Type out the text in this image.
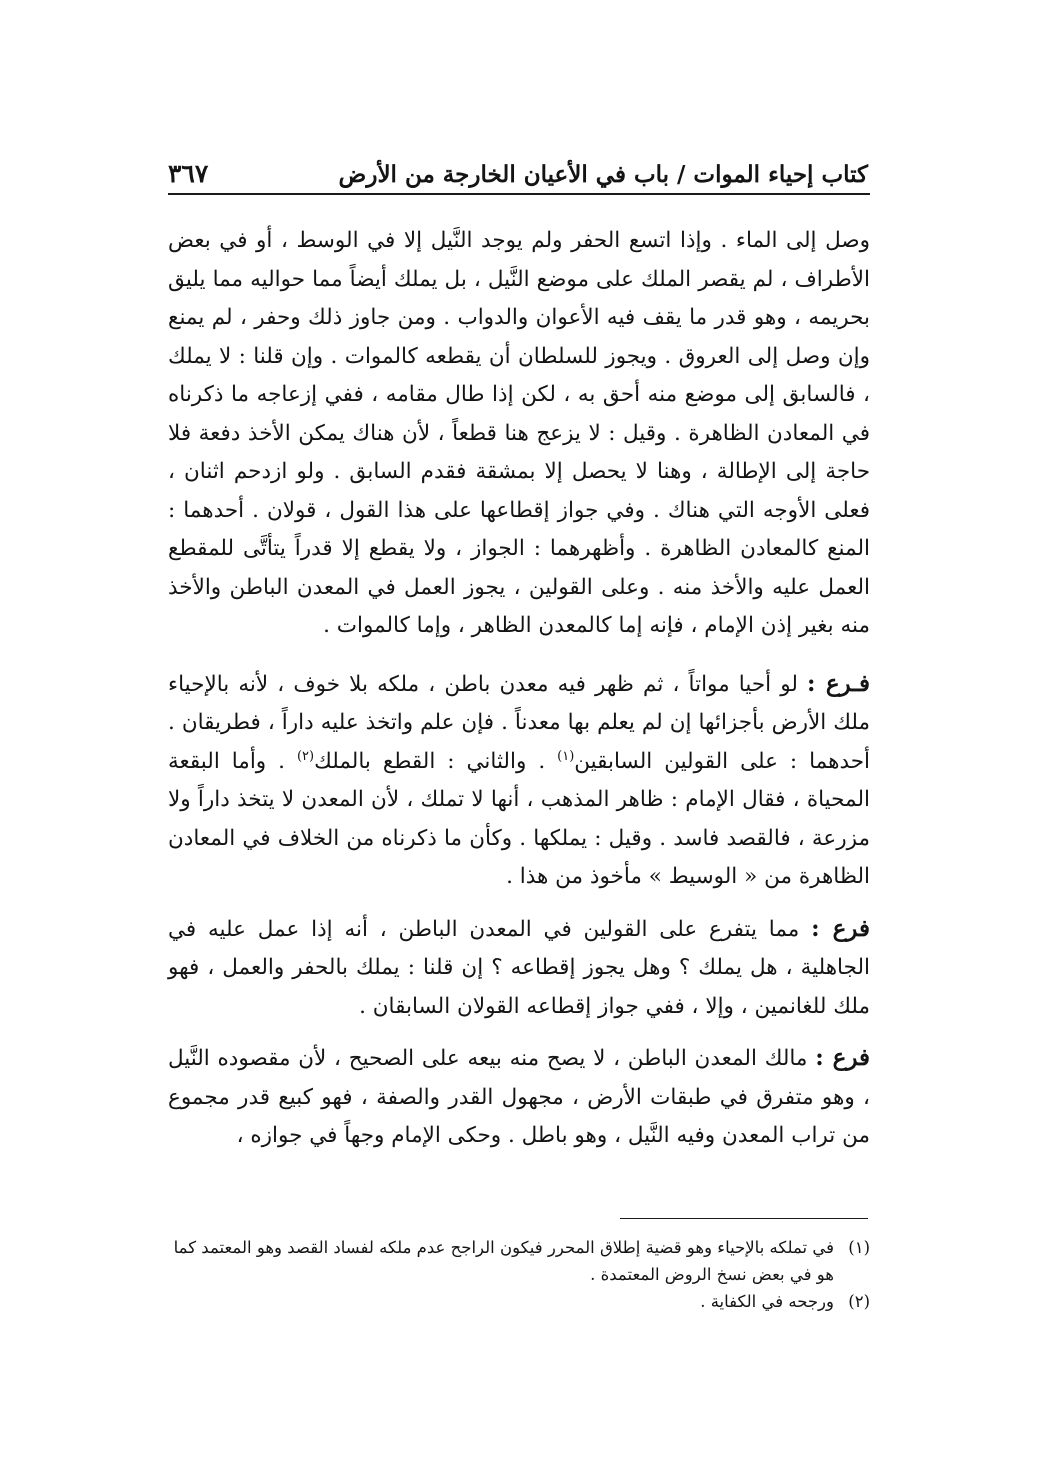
كتاب إحياء الموات / باب في الأعيان الخارجة من الأرض
٣٦٧

وصل إلى الماء . وإذا اتسع الحفر ولم يوجد النَّيل إلا في الوسط ، أو في بعض الأطراف ، لم يقصر الملك على موضع النَّيل ، بل يملك أيضاً مما حواليه مما يليق بحريمه ، وهو قدر ما يقف فيه الأعوان والدواب . ومن جاوز ذلك وحفر ، لم يمنع وإن وصل إلى العروق . ويجوز للسلطان أن يقطعه كالموات . وإن قلنا : لا يملك ، فالسابق إلى موضع منه أحق به ، لكن إذا طال مقامه ، ففي إزعاجه ما ذكرناه في المعادن الظاهرة . وقيل : لا يزعج هنا قطعاً ، لأن هناك يمكن الأخذ دفعة فلا حاجة إلى الإطالة ، وهنا لا يحصل إلا بمشقة فقدم السابق . ولو ازدحم اثنان ، فعلى الأوجه التي هناك . وفي جواز إقطاعها على هذا القول ، قولان . أحدهما : المنع كالمعادن الظاهرة . وأظهرهما : الجواز ، ولا يقطع إلا قدراً يتأتَّى للمقطع العمل عليه والأخذ منه . وعلى القولين ، يجوز العمل في المعدن الباطن والأخذ منه بغير إذن الإمام ، فإنه إما كالمعدن الظاهر ، وإما كالموات .

فـرع : لو أحيا مواتاً ، ثم ظهر فيه معدن باطن ، ملكه بلا خوف ، لأنه بالإحياء ملك الأرض بأجزائها إن لم يعلم بها معدناً . فإن علم واتخذ عليه داراً ، فطريقان . أحدهما : على القولين السابقين$^{(١)}$ . والثاني : القطع بالملك$^{(٢)}$ . وأما البقعة المحياة ، فقال الإمام : ظاهر المذهب ، أنها لا تملك ، لأن المعدن لا يتخذ داراً ولا مزرعة ، فالقصد فاسد . وقيل : يملكها . وكأن ما ذكرناه من الخلاف في المعادن الظاهرة من « الوسيط » مأخوذ من هذا .

فرع : مما يتفرع على القولين في المعدن الباطن ، أنه إذا عمل عليه في الجاهلية ، هل يملك ؟ وهل يجوز إقطاعه ؟ إن قلنا : يملك بالحفر والعمل ، فهو ملك للغانمين ، وإلا ، ففي جواز إقطاعه القولان السابقان .

فرع : مالك المعدن الباطن ، لا يصح منه بيعه على الصحيح ، لأن مقصوده النَّيل ، وهو متفرق في طبقات الأرض ، مجهول القدر والصفة ، فهو كبيع قدر مجموع من تراب المعدن وفيه النَّيل ، وهو باطل . وحكى الإمام وجهاً في جوازه ،

(١)
في تملكه بالإحياء وهو قضية إطلاق المحرر فيكون الراجح عدم ملكه لفساد القصد وهو المعتمد كما هو في بعض نسخ الروض المعتمدة .
(٢)
ورجحه في الكفاية .
